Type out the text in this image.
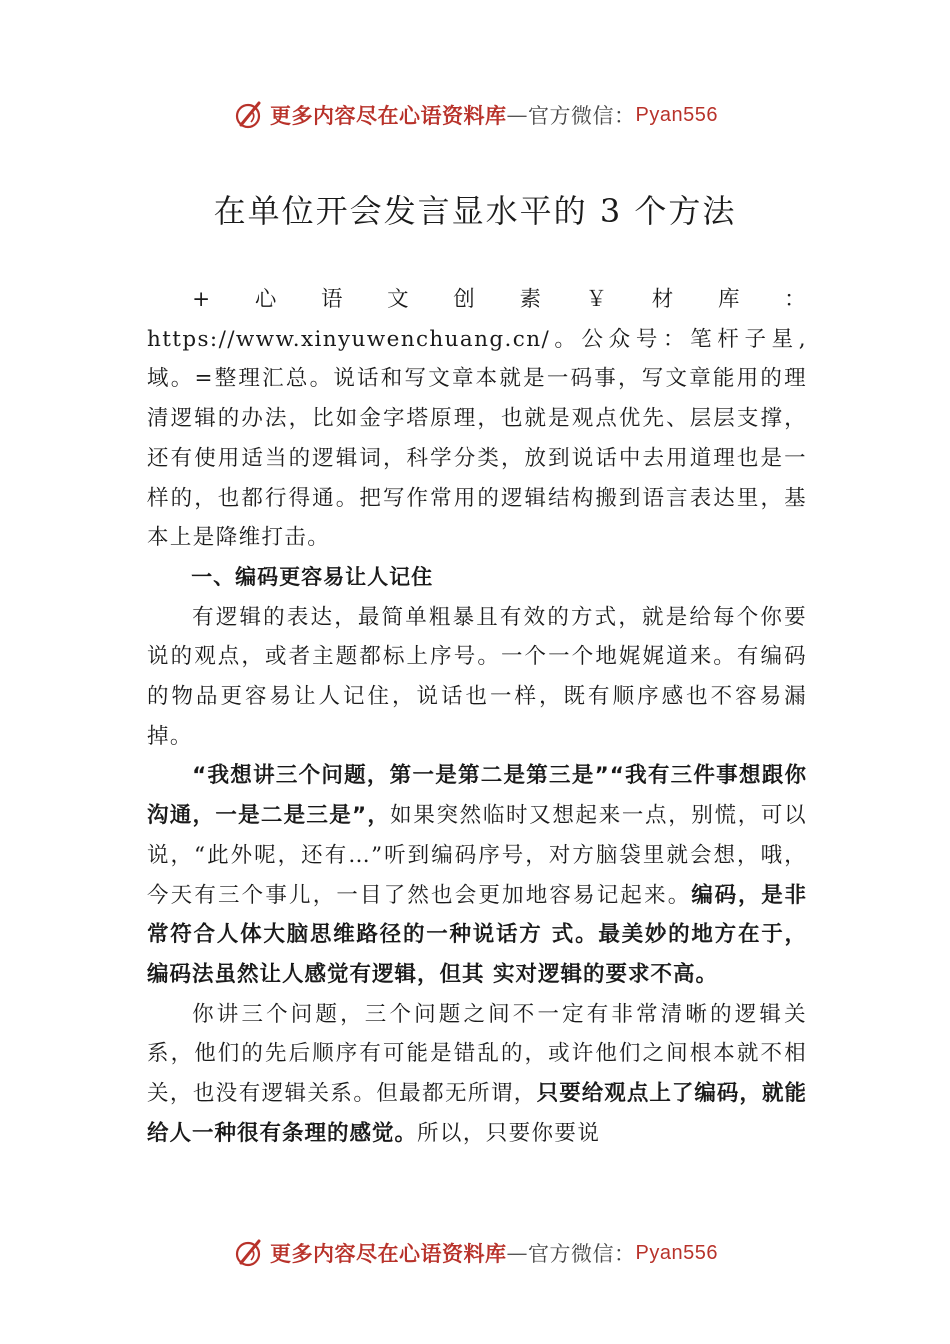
更多内容尽在心语资料库 — 官方微信： Pyan556
在单位开会发言显水平的 3 个方法

+心语文创素￥材库：https://www.xinyuwenchuang.cn/。公众号：笔杆子星,域。=整理汇总。说话和写文章本就是一码事，写文章能用的理清逻辑的办法，比如金字塔原理，也就是观点优先、层层支撑，还有使用适当的逻辑词，科学分类，放到说话中去用道理也是一样的，也都行得通。把写作常用的逻辑结构搬到语言表达里，基本上是降维打击。

一、编码更容易让人记住

有逻辑的表达，最简单粗暴且有效的方式，就是给每个你要说的观点，或者主题都标上序号。一个一个地娓娓道来。有编码的物品更容易让人记住，说话也一样，既有顺序感也不容易漏掉。

“我想讲三个问题，第一是第二是第三是”“我有三件事想跟你沟通，一是二是三是”，如果突然临时又想起来一点，别慌，可以说，“此外呢，还有…”听到编码序号，对方脑袋里就会想，哦，今天有三个事儿，一目了然也会更加地容易记起来。编码，是非常符合人体大脑思维路径的一种说话方 式。最美妙的地方在于，编码法虽然让人感觉有逻辑，但其 实对逻辑的要求不高。

你讲三个问题，三个问题之间不一定有非常清晰的逻辑关系，他们的先后顺序有可能是错乱的，或许他们之间根本就不相关，也没有逻辑关系。但最都无所谓，只要给观点上了编码，就能给人一种很有条理的感觉。所以，只要你要说

更多内容尽在心语资料库 — 官方微信： Pyan556
